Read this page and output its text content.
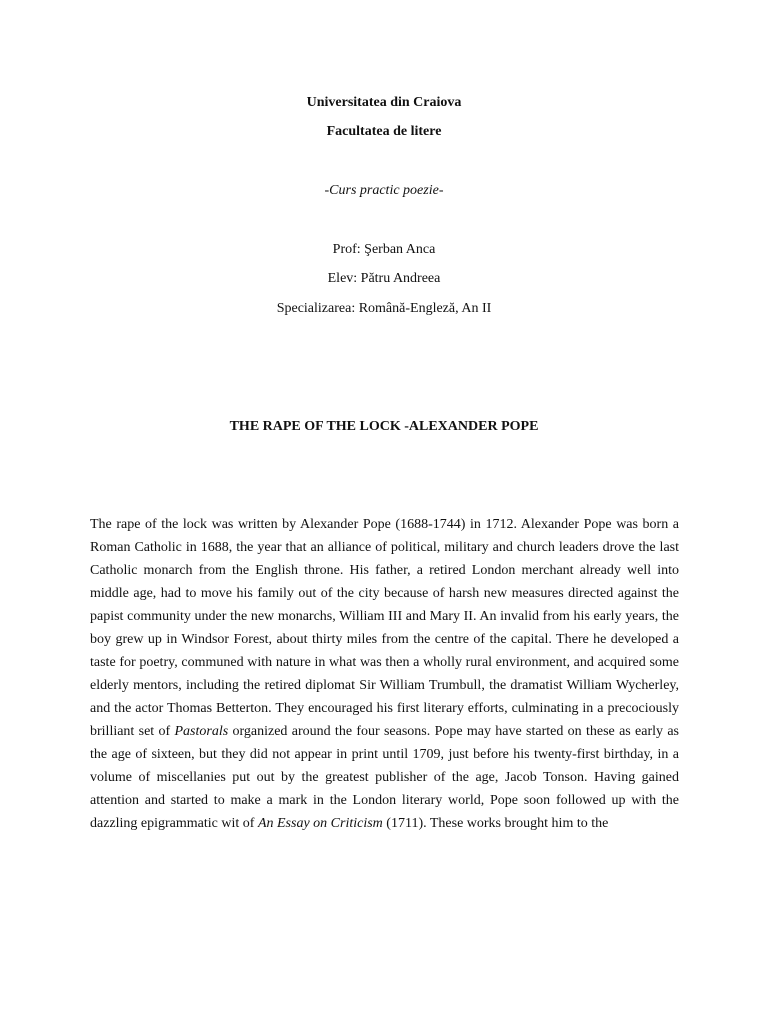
Universitatea din Craiova
Facultatea de litere
-Curs practic poezie-
Prof: Şerban Anca
Elev: Pătru Andreea
Specializarea: Română-Engleză, An II
THE RAPE OF THE LOCK -ALEXANDER POPE

The rape of the lock was written by Alexander Pope (1688-1744) in 1712. Alexander Pope was born a Roman Catholic in 1688, the year that an alliance of political, military and church leaders drove the last Catholic monarch from the English throne. His father, a retired London merchant already well into middle age, had to move his family out of the city because of harsh new measures directed against the papist community under the new monarchs, William III and Mary II. An invalid from his early years, the boy grew up in Windsor Forest, about thirty miles from the centre of the capital. There he developed a taste for poetry, communed with nature in what was then a wholly rural environment, and acquired some elderly mentors, including the retired diplomat Sir William Trumbull, the dramatist William Wycherley, and the actor Thomas Betterton. They encouraged his first literary efforts, culminating in a precociously brilliant set of Pastorals organized around the four seasons. Pope may have started on these as early as the age of sixteen, but they did not appear in print until 1709, just before his twenty-first birthday, in a volume of miscellanies put out by the greatest publisher of the age, Jacob Tonson. Having gained attention and started to make a mark in the London literary world, Pope soon followed up with the dazzling epigrammatic wit of An Essay on Criticism (1711). These works brought him to the
